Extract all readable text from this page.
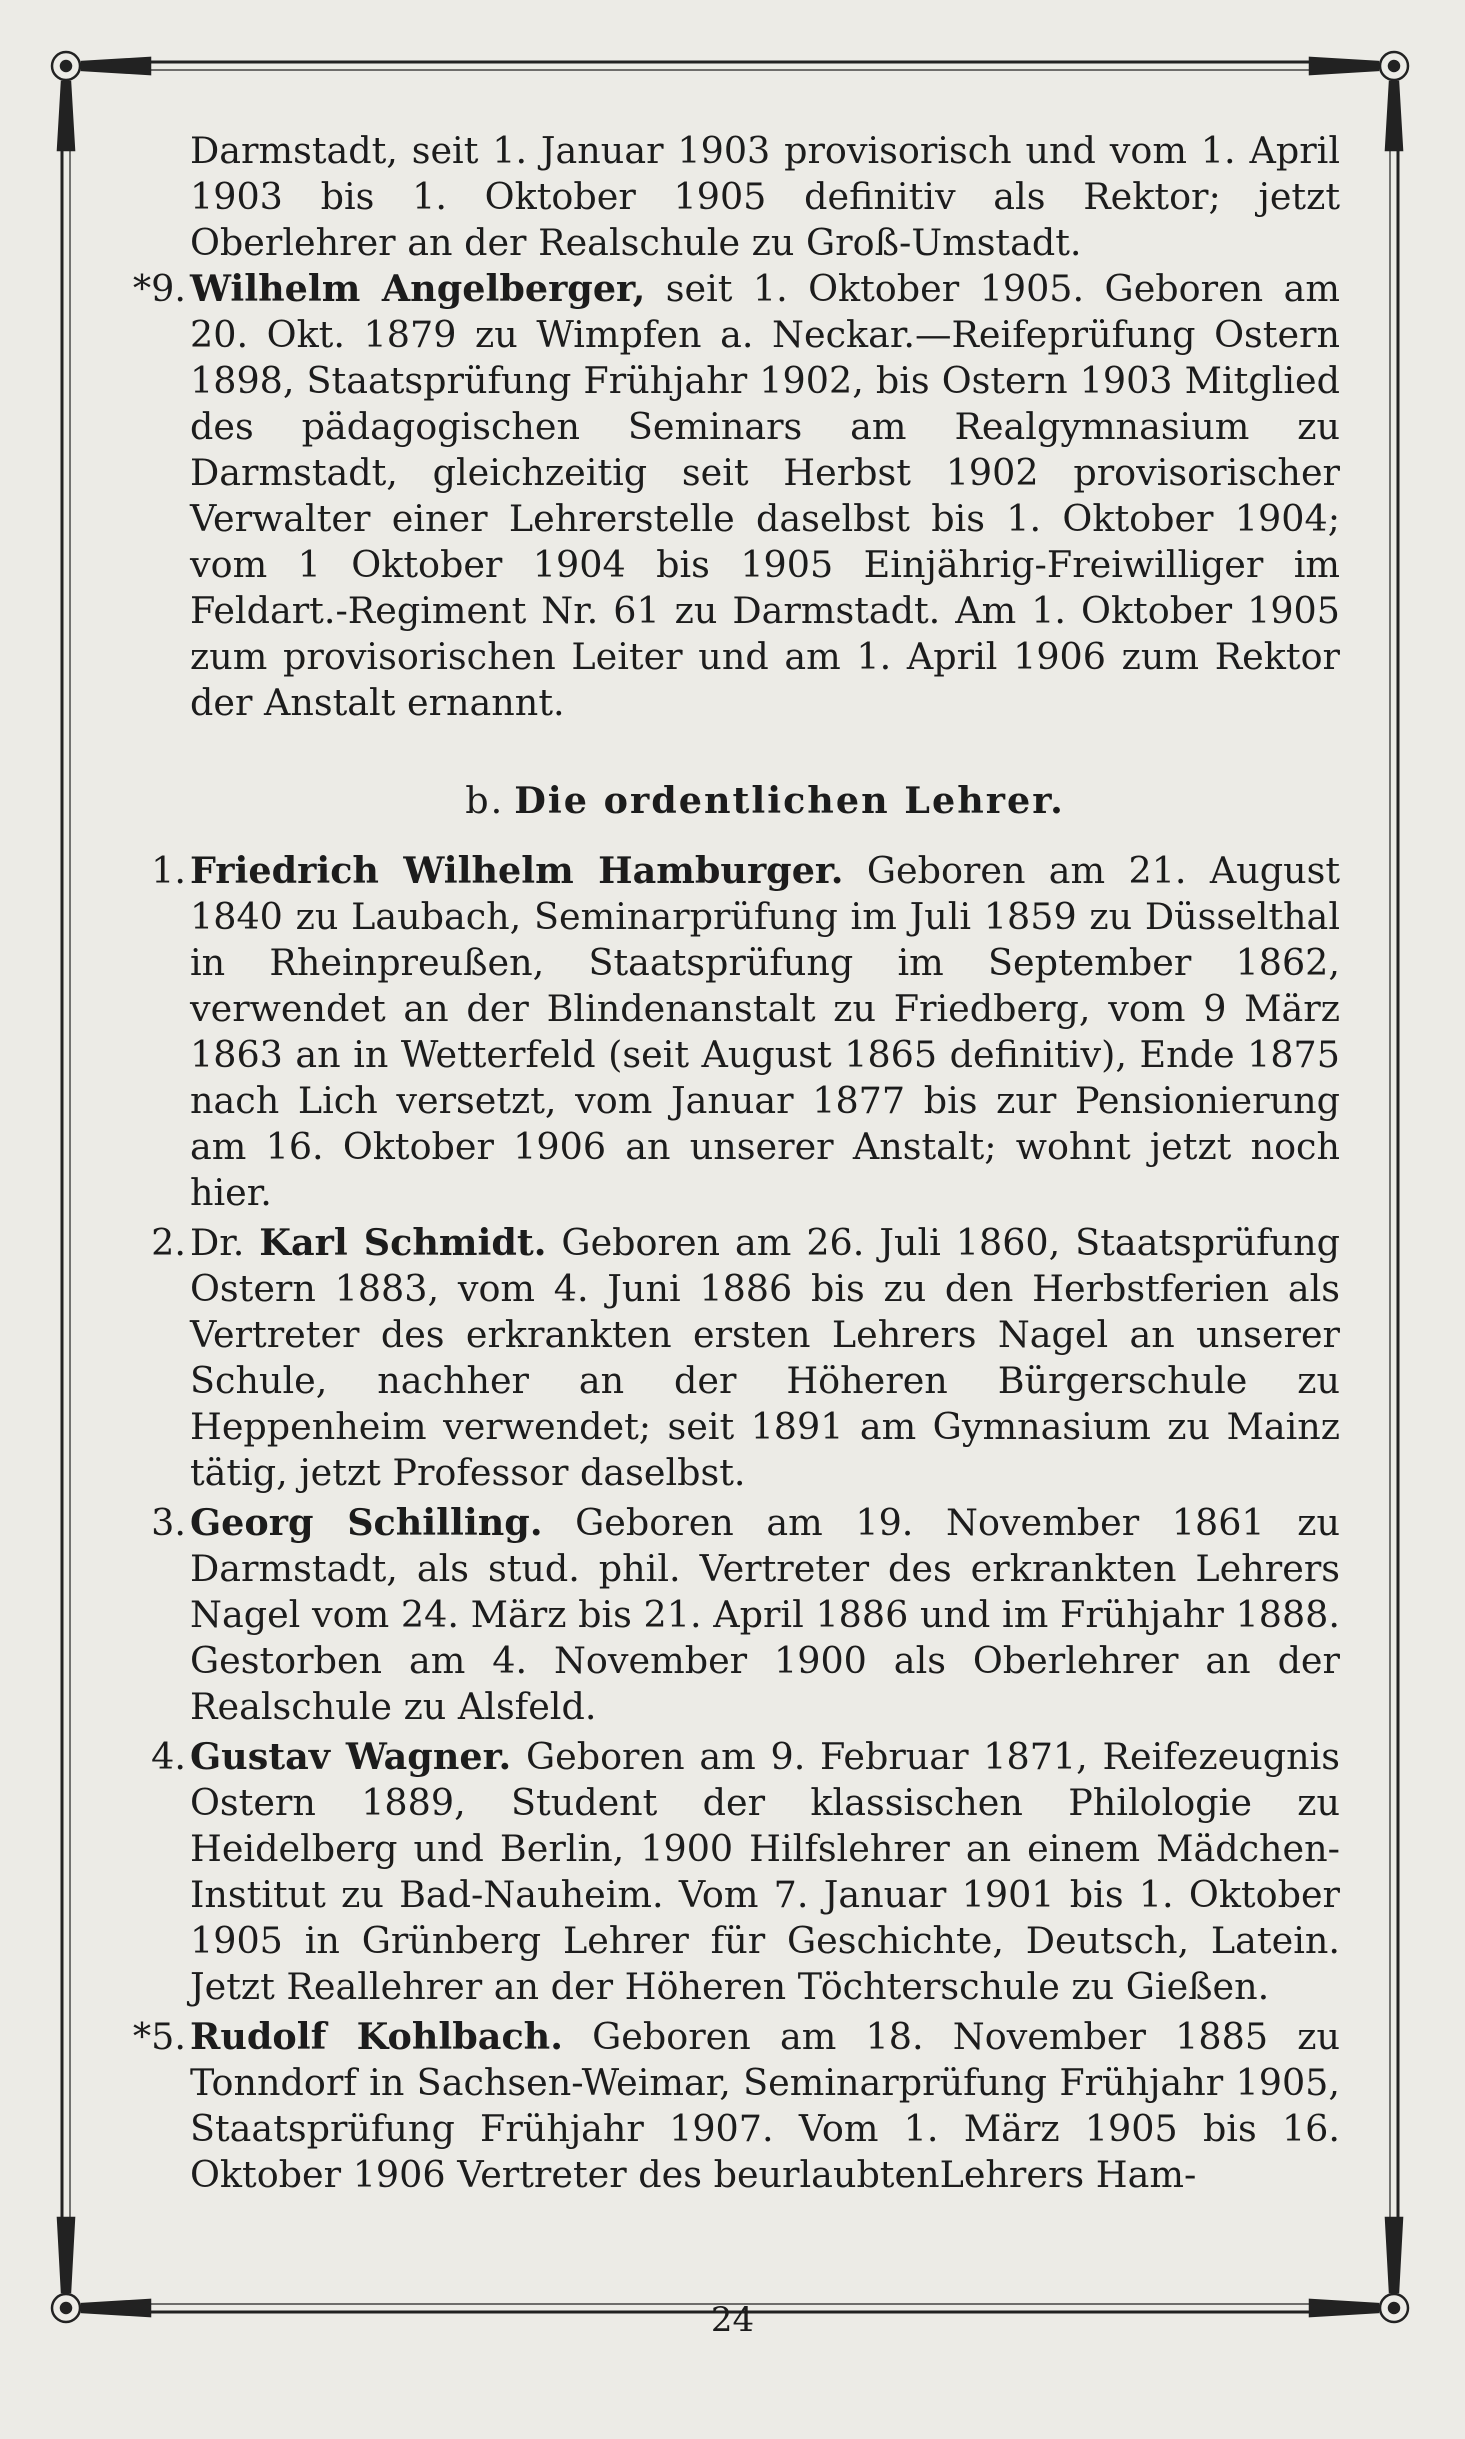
Darmstadt, seit 1. Januar 1903 provisorisch und vom 1. April 1903 bis 1. Oktober 1905 definitiv als Rektor; jetzt Oberlehrer an der Realschule zu Groß-Umstadt.

*9. Wilhelm Angelberger, seit 1. Oktober 1905. Geboren am 20. Okt. 1879 zu Wimpfen a. Neckar.—Reifeprüfung Ostern 1898, Staatsprüfung Frühjahr 1902, bis Ostern 1903 Mitglied des pädagogischen Seminars am Realgymnasium zu Darmstadt, gleichzeitig seit Herbst 1902 provisorischer Verwalter einer Lehrerstelle daselbst bis 1. Oktober 1904; vom 1 Oktober 1904 bis 1905 Einjährig-Freiwilliger im Feldart.-Regiment Nr. 61 zu Darmstadt. Am 1. Oktober 1905 zum provisorischen Leiter und am 1. April 1906 zum Rektor der Anstalt ernannt.

b. Die ordentlichen Lehrer.

1. Friedrich Wilhelm Hamburger. Geboren am 21. August 1840 zu Laubach, Seminarprüfung im Juli 1859 zu Düsselthal in Rheinpreußen, Staatsprüfung im September 1862, verwendet an der Blindenanstalt zu Friedberg, vom 9 März 1863 an in Wetterfeld (seit August 1865 definitiv), Ende 1875 nach Lich versetzt, vom Januar 1877 bis zur Pensionierung am 16. Oktober 1906 an unserer Anstalt; wohnt jetzt noch hier.

2. Dr. Karl Schmidt. Geboren am 26. Juli 1860, Staatsprüfung Ostern 1883, vom 4. Juni 1886 bis zu den Herbstferien als Vertreter des erkrankten ersten Lehrers Nagel an unserer Schule, nachher an der Höheren Bürgerschule zu Heppenheim verwendet; seit 1891 am Gymnasium zu Mainz tätig, jetzt Professor daselbst.

3. Georg Schilling. Geboren am 19. November 1861 zu Darmstadt, als stud. phil. Vertreter des erkrankten Lehrers Nagel vom 24. März bis 21. April 1886 und im Frühjahr 1888. Gestorben am 4. November 1900 als Oberlehrer an der Realschule zu Alsfeld.

4. Gustav Wagner. Geboren am 9. Februar 1871, Reifezeugnis Ostern 1889, Student der klassischen Philologie zu Heidelberg und Berlin, 1900 Hilfslehrer an einem Mädchen-Institut zu Bad-Nauheim. Vom 7. Januar 1901 bis 1. Oktober 1905 in Grünberg Lehrer für Geschichte, Deutsch, Latein. Jetzt Reallehrer an der Höheren Töchterschule zu Gießen.

*5. Rudolf Kohlbach. Geboren am 18. November 1885 zu Tonndorf in Sachsen-Weimar, Seminarprüfung Frühjahr 1905, Staatsprüfung Frühjahr 1907. Vom 1. März 1905 bis 16. Oktober 1906 Vertreter des beurlaubtenLehrers Ham-

24
